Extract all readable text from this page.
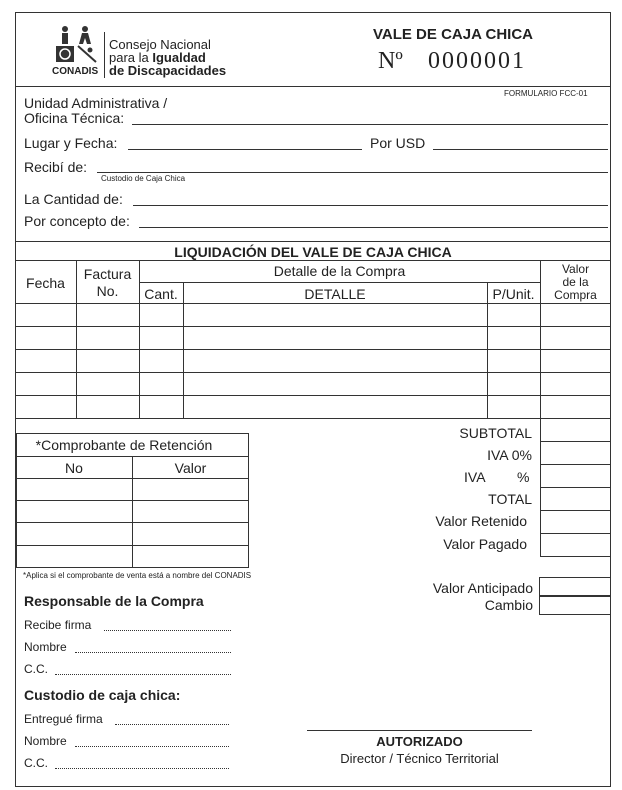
CONADIS
Consejo Nacional
para la Igualdad
de Discapacidades
VALE DE CAJA CHICA
Nº 0000001
FORMULARIO FCC-01
Unidad Administrativa /
Oficina Técnica:
Lugar y Fecha:	Por USD
Recibí de:
Custodio de Caja Chica
La Cantidad de:
Por concepto de:
LIQUIDACIÓN DEL VALE DE CAJA CHICA
Fecha
Factura
No.
Detalle de la Compra
Cant.	DETALLE	P/Unit.
Valor
de la
Compra
*Comprobante de Retención
No	Valor
*Aplica si el comprobante de venta está a nombre del CONADIS
SUBTOTAL
IVA 0%
IVA %
TOTAL
Valor Retenido
Valor Pagado
Valor Anticipado
Cambio
Responsable de la Compra
Recibe firma
Nombre
C.C.
Custodio de caja chica:
Entregué firma
Nombre
C.C.
AUTORIZADO
Director / Técnico Territorial
